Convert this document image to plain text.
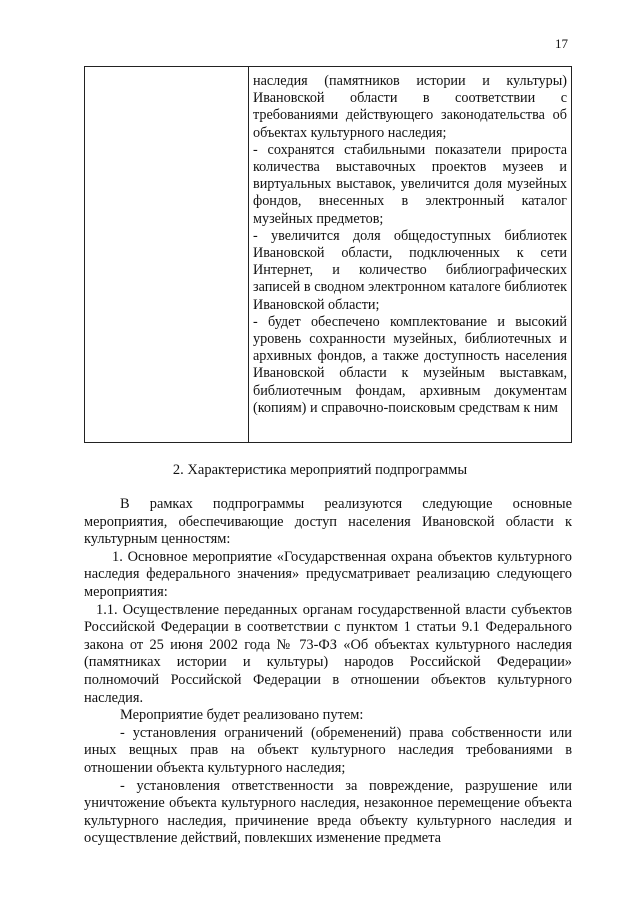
17

наследия (памятников истории и культуры) Ивановской области в соответствии с требованиями действующего законодательства об объектах культурного наследия;

- сохранятся стабильными показатели прироста количества выставочных проектов музеев и виртуальных выставок, увеличится доля музейных фондов, внесенных в электронный каталог музейных предметов;

- увеличится доля общедоступных библиотек Ивановской области, подключенных к сети Интернет, и количество библиографических записей в сводном электронном каталоге библиотек Ивановской области;

- будет обеспечено комплектование и высокий уровень сохранности музейных, библиотечных и архивных фондов, а также доступность населения Ивановской области к музейным выставкам, библиотечным фондам, архивным документам (копиям) и справочно-поисковым средствам к ним

2. Характеристика мероприятий подпрограммы

В рамках подпрограммы реализуются следующие основные мероприятия, обеспечивающие доступ населения Ивановской области к культурным ценностям:

1. Основное мероприятие «Государственная охрана объектов культурного наследия федерального значения» предусматривает реализацию следующего мероприятия:

1.1. Осуществление переданных органам государственной власти субъектов Российской Федерации в соответствии с пунктом 1 статьи 9.1 Федерального закона от 25 июня 2002 года № 73-ФЗ «Об объектах культурного наследия (памятниках истории и культуры) народов Российской Федерации» полномочий Российской Федерации в отношении объектов культурного наследия.

Мероприятие будет реализовано путем:

- установления ограничений (обременений) права собственности или иных вещных прав на объект культурного наследия требованиями в отношении объекта культурного наследия;

- установления ответственности за повреждение, разрушение или уничтожение объекта культурного наследия, незаконное перемещение объекта культурного наследия, причинение вреда объекту культурного наследия и осуществление действий, повлекших изменение предмета
